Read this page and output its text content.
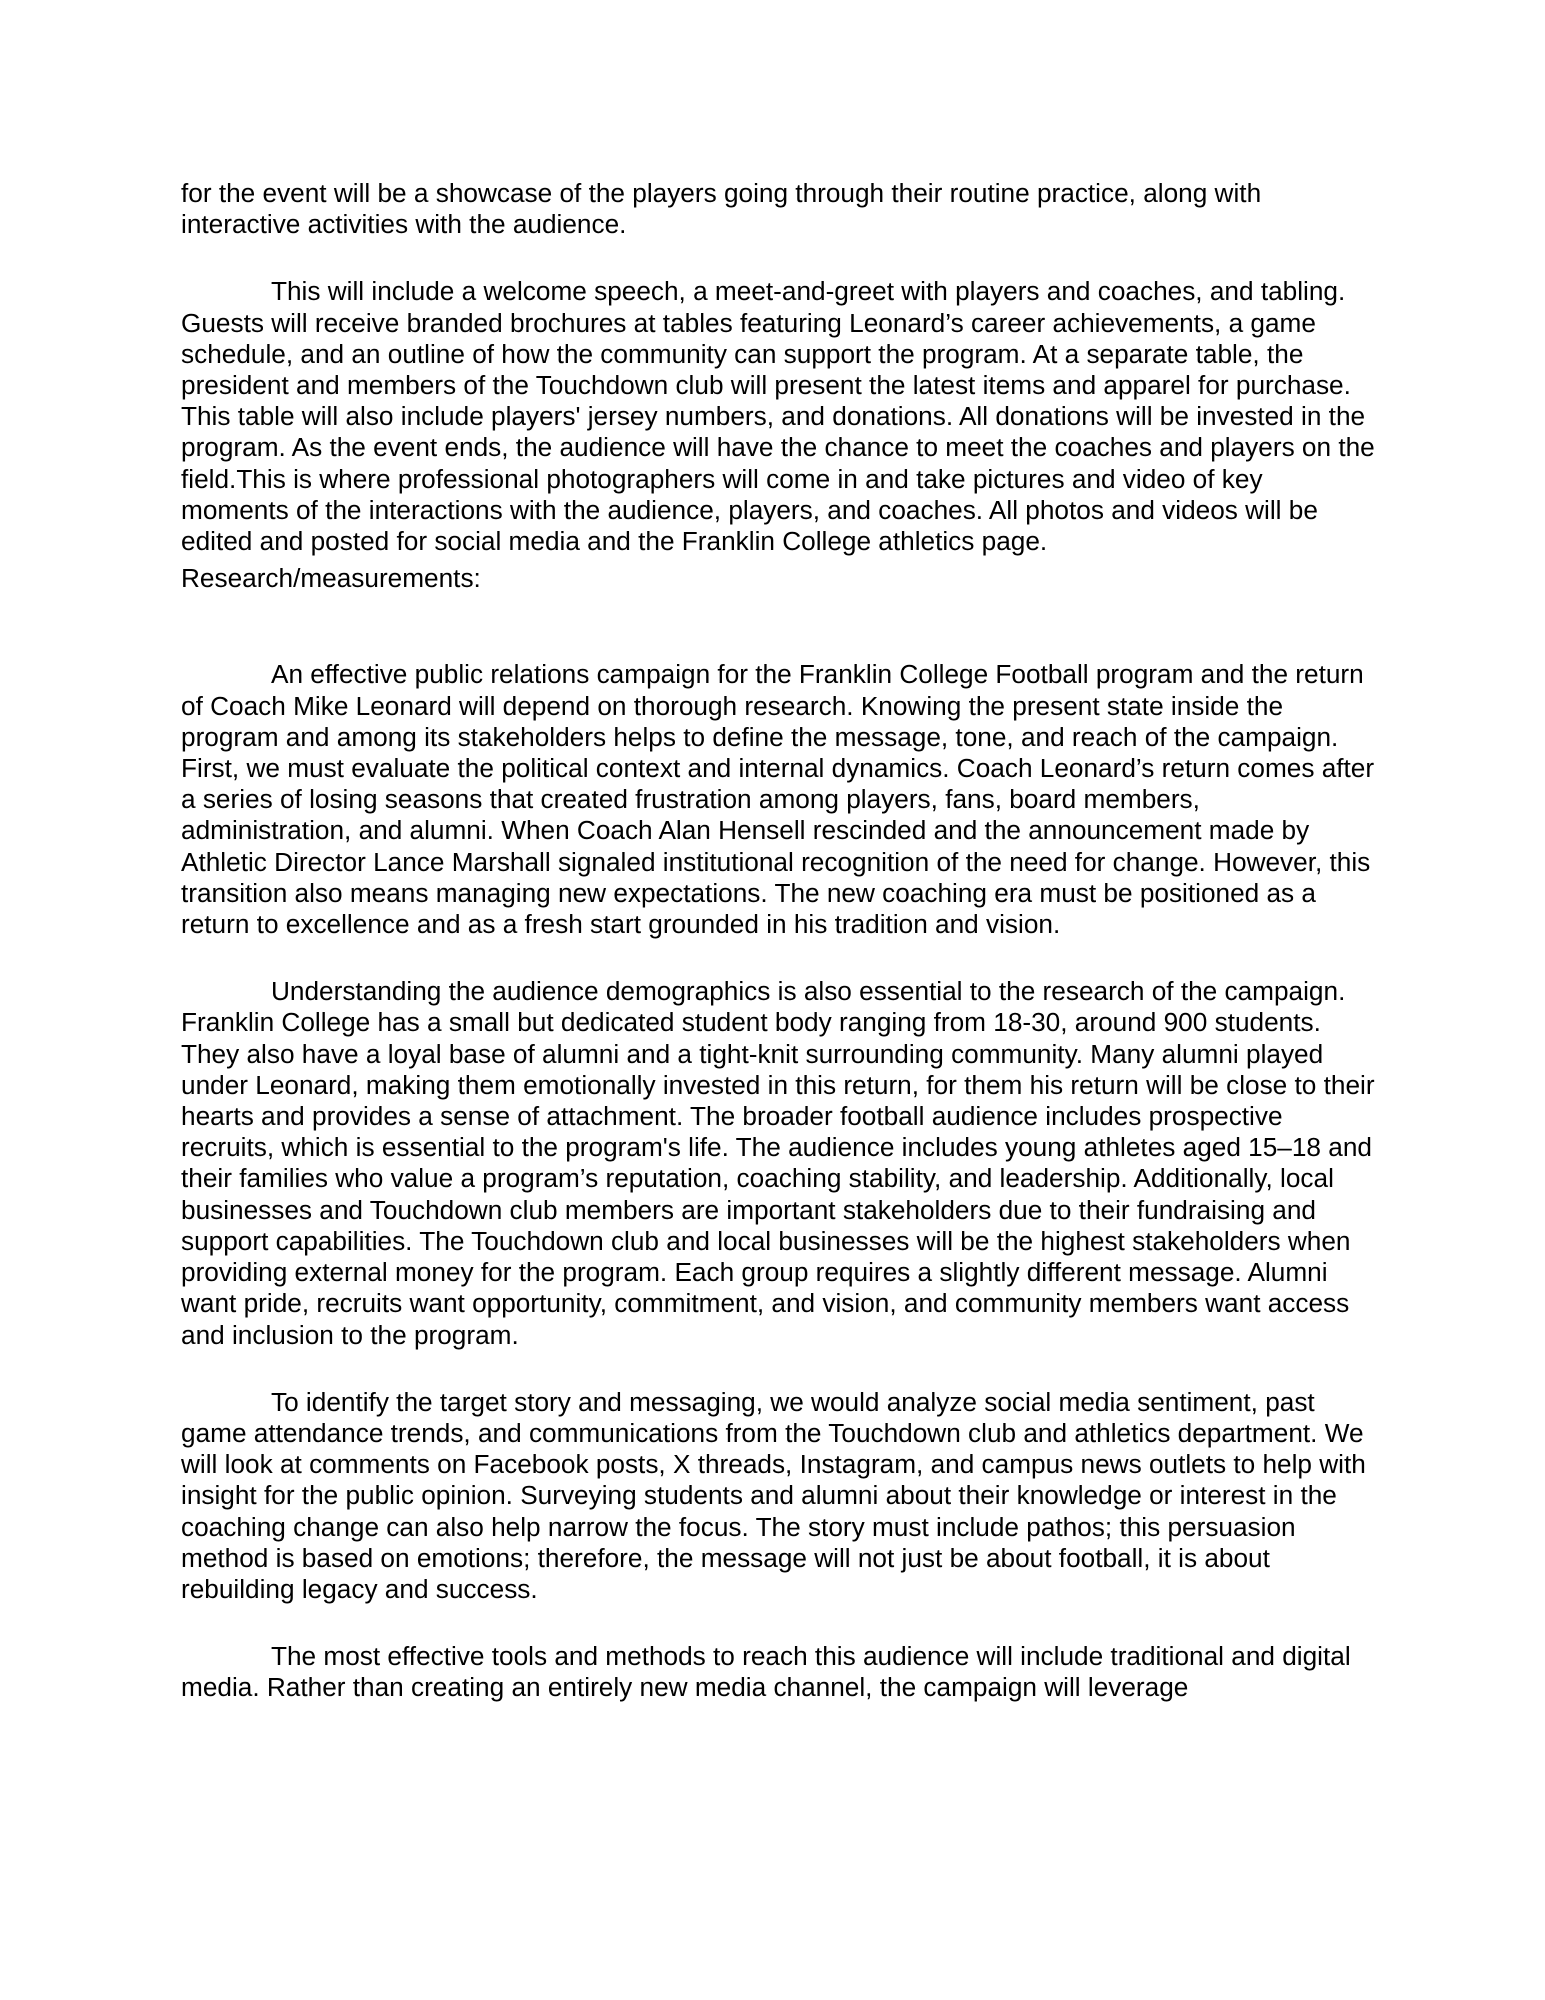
for the event will be a showcase of the players going through their routine practice, along with interactive activities with the audience.

This will include a welcome speech, a meet-and-greet with players and coaches, and tabling. Guests will receive branded brochures at tables featuring Leonard’s career achievements, a game schedule, and an outline of how the community can support the program. At a separate table, the president and members of the Touchdown club will present the latest items and apparel for purchase. This table will also include players' jersey numbers, and donations. All donations will be invested in the program. As the event ends, the audience will have the chance to meet the coaches and players on the field.This is where professional photographers will come in and take pictures and video of key moments of the interactions with the audience, players, and coaches. All photos and videos will be edited and posted for social media and the Franklin College athletics page.

Research/measurements:

An effective public relations campaign for the Franklin College Football program and the return of Coach Mike Leonard will depend on thorough research. Knowing the present state inside the program and among its stakeholders helps to define the message, tone, and reach of the campaign. First, we must evaluate the political context and internal dynamics. Coach Leonard’s return comes after a series of losing seasons that created frustration among players, fans, board members, administration, and alumni. When Coach Alan Hensell rescinded and the announcement made by Athletic Director Lance Marshall signaled institutional recognition of the need for change. However, this transition also means managing new expectations. The new coaching era must be positioned as a return to excellence and as a fresh start grounded in his tradition and vision.

Understanding the audience demographics is also essential to the research of the campaign. Franklin College has a small but dedicated student body ranging from 18-30, around 900 students. They also have a loyal base of alumni and a tight-knit surrounding community. Many alumni played under Leonard, making them emotionally invested in this return, for them his return will be close to their hearts and provides a sense of attachment. The broader football audience includes prospective recruits, which is essential to the program's life. The audience includes young athletes aged 15–18 and their families who value a program’s reputation, coaching stability, and leadership. Additionally, local businesses and Touchdown club members are important stakeholders due to their fundraising and support capabilities. The Touchdown club and local businesses will be the highest stakeholders when providing external money for the program. Each group requires a slightly different message. Alumni want pride, recruits want opportunity, commitment, and vision, and community members want access and inclusion to the program.

To identify the target story and messaging, we would analyze social media sentiment, past game attendance trends, and communications from the Touchdown club and athletics department. We will look at comments on Facebook posts, X threads, Instagram, and campus news outlets to help with insight for the public opinion. Surveying students and alumni about their knowledge or interest in the coaching change can also help narrow the focus. The story must include pathos; this persuasion method is based on emotions; therefore, the message will not just be about football, it is about rebuilding legacy and success.

The most effective tools and methods to reach this audience will include traditional and digital media. Rather than creating an entirely new media channel, the campaign will leverage
